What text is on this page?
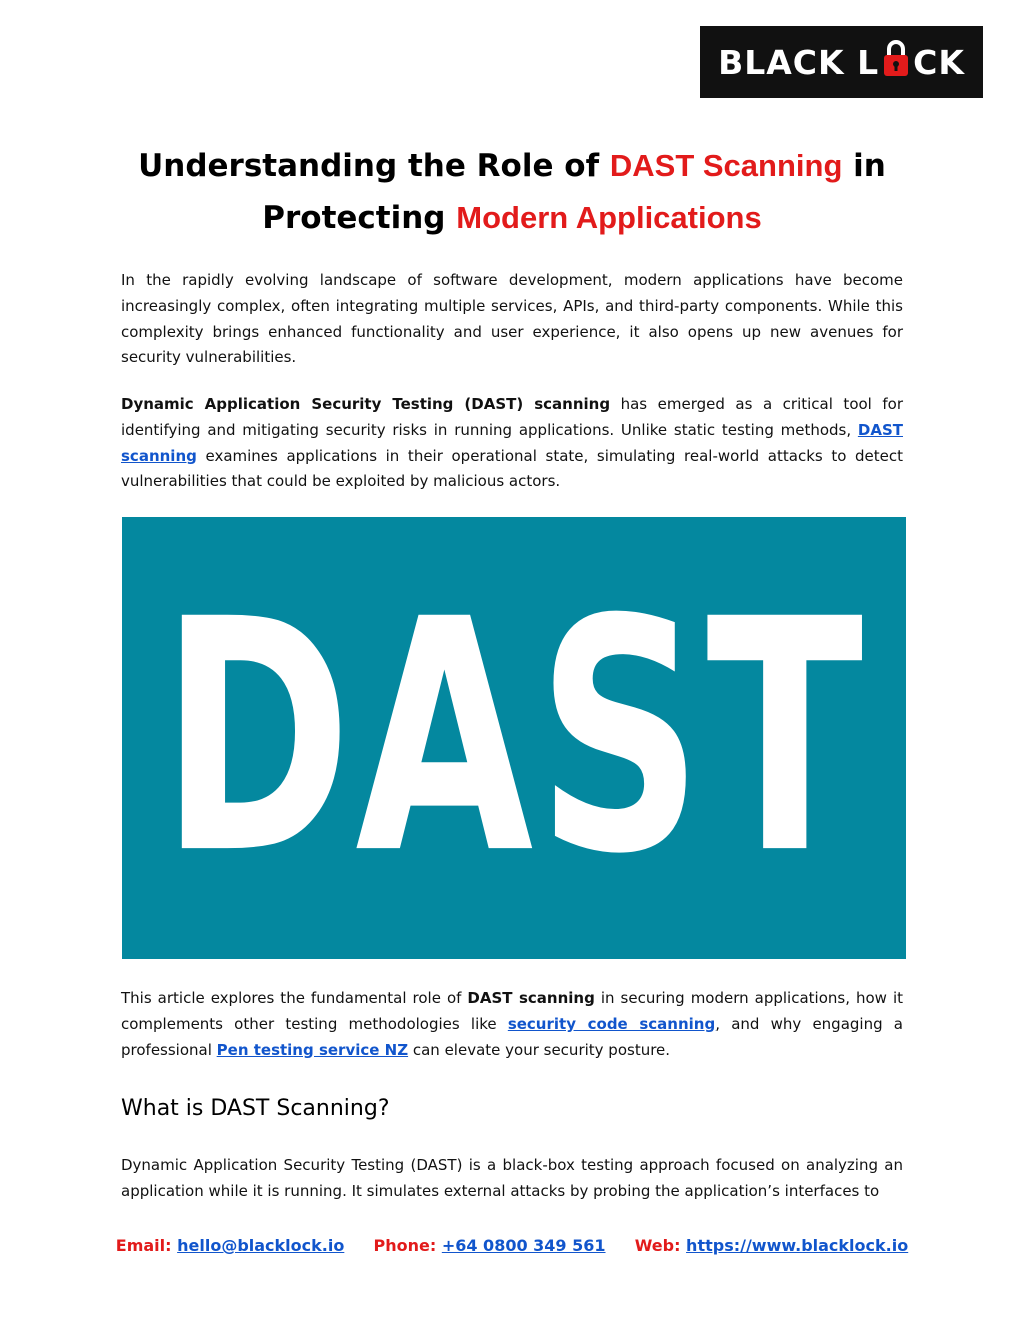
BLACK L CK
Understanding the Role of DAST Scanning in
Protecting Modern Applications

In the rapidly evolving landscape of software development, modern applications have become increasingly complex, often integrating multiple services, APIs, and third-party components. While this complexity brings enhanced functionality and user experience, it also opens up new avenues for security vulnerabilities.

Dynamic Application Security Testing (DAST) scanning has emerged as a critical tool for identifying and mitigating security risks in running applications. Unlike static testing methods, DAST scanning examines applications in their operational state, simulating real-world attacks to detect vulnerabilities that could be exploited by malicious actors.

DAST

This article explores the fundamental role of DAST scanning in securing modern applications, how it complements other testing methodologies like security code scanning, and why engaging a professional Pen testing service NZ can elevate your security posture.

What is DAST Scanning?

Dynamic Application Security Testing (DAST) is a black-box testing approach focused on analyzing an application while it is running. It simulates external attacks by probing the application’s interfaces to

Email: hello@blacklock.io Phone: +64 0800 349 561 Web: https://www.blacklock.io
